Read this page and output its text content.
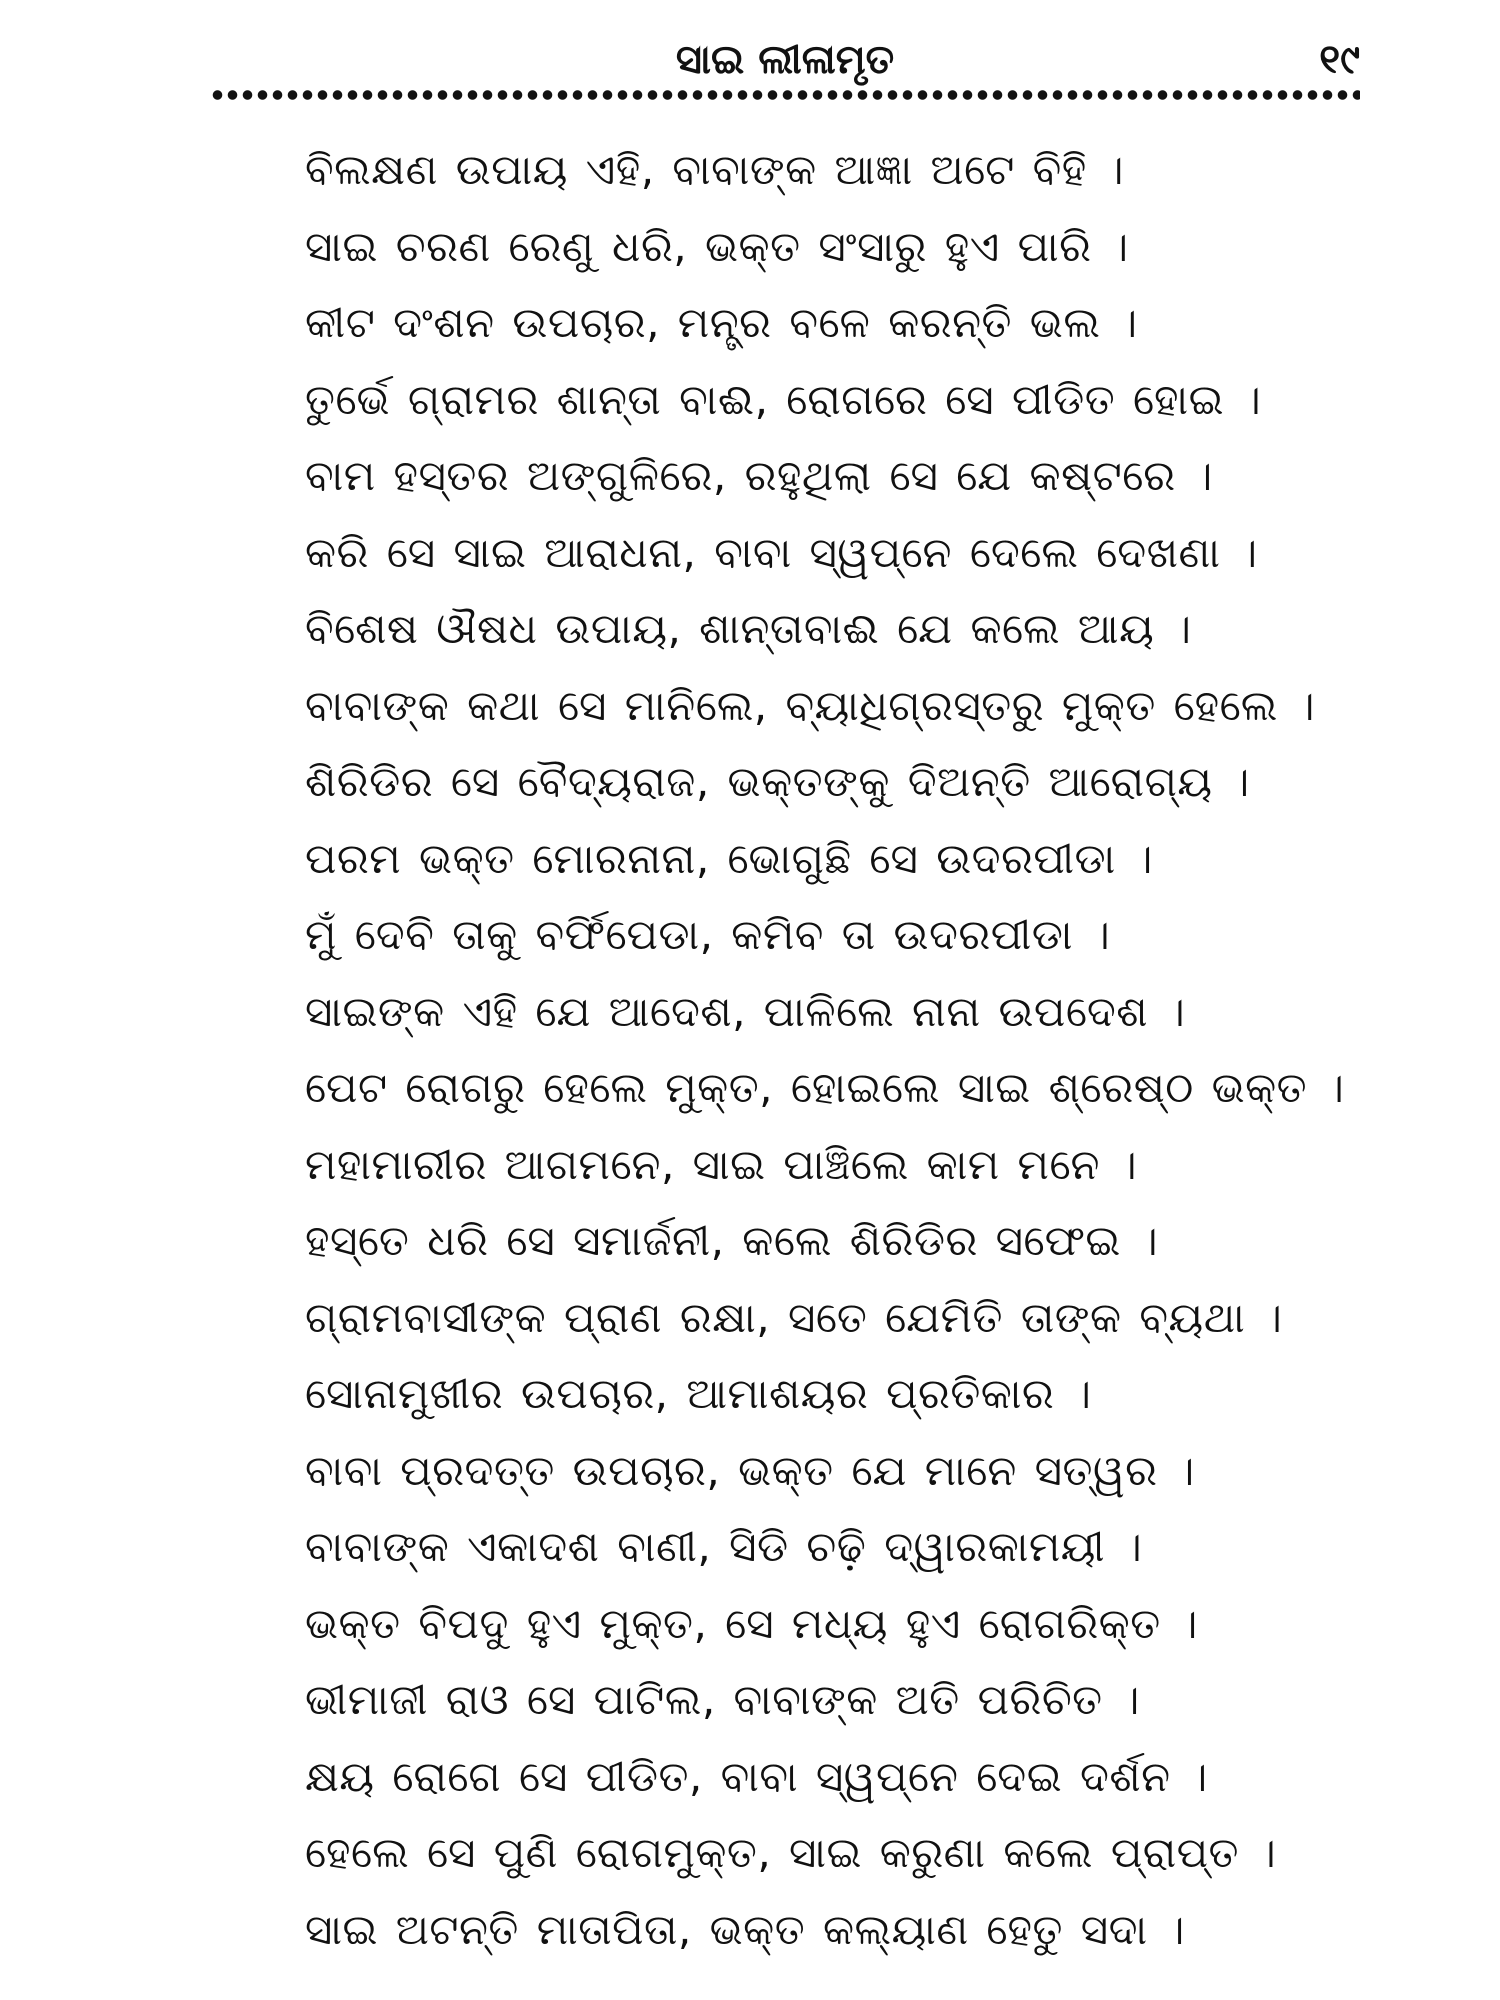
ସାଇ ଲୀଳାମୃତ	୧୯
ବିଲକ୍ଷଣ ଉପାୟ ଏହି, ବାବାଙ୍କ ଆଜ୍ଞା ଅଟେ ବିହି ।
ସାଇ ଚରଣ ରେଣୁ ଧରି, ଭକ୍ତ ସଂସାରୁ ହୁଏ ପାରି ।
କୀଟ ଦଂଶନ ଉପଚାର, ମନ୍ତ୍ର ବଳେ କରନ୍ତି ଭଲ ।
ତୁର୍ଭେ ଗ୍ରାମର ଶାନ୍ତା ବାଈ, ରୋଗରେ ସେ ପୀଡିତ ହୋଇ ।
ବାମ ହସ୍ତର ଅଙ୍ଗୁଳିରେ, ରହୁଥିଲା ସେ ଯେ କଷ୍ଟରେ ।
କରି ସେ ସାଇ ଆରାଧନା, ବାବା ସ୍ୱପ୍ନେ ଦେଲେ ଦେଖଣା ।
ବିଶେଷ ଔଷଧ ଉପାୟ, ଶାନ୍ତାବାଈ ଯେ କଲେ ଆୟ ।
ବାବାଙ୍କ କଥା ସେ ମାନିଲେ, ବ୍ୟାଧିଗ୍ରସ୍ତରୁ ମୁକ୍ତ ହେଲେ ।
ଶିରିଡିର ସେ ବୈଦ୍ୟରାଜ, ଭକ୍ତଙ୍କୁ ଦିଅନ୍ତି ଆରୋଗ୍ୟ ।
ପରମ ଭକ୍ତ ମୋରନାନା, ଭୋଗୁଛି ସେ ଉଦରପୀଡା ।
ମୁଁ ଦେବି ତାକୁ ବର୍ଫିପେଡା, କମିବ ତା ଉଦରପୀଡା ।
ସାଇଙ୍କ ଏହି ଯେ ଆଦେଶ, ପାଳିଲେ ନାନା ଉପଦେଶ ।
ପେଟ ରୋଗରୁ ହେଲେ ମୁକ୍ତ, ହୋଇଲେ ସାଇ ଶ୍ରେଷ୍ଠ ଭକ୍ତ ।
ମହାମାରୀର ଆଗମନେ, ସାଇ ପାଞ୍ଚିଲେ କାମ ମନେ ।
ହସ୍ତେ ଧରି ସେ ସମାର୍ଜନୀ, କଲେ ଶିରିଡିର ସଫେଇ ।
ଗ୍ରାମବାସୀଙ୍କ ପ୍ରାଣ ରକ୍ଷା, ସତେ ଯେମିତି ତାଙ୍କ ବ୍ୟଥା ।
ସୋନାମୁଖୀର ଉପଚାର, ଆମାଶୟର ପ୍ରତିକାର ।
ବାବା ପ୍ରଦତ୍ତ ଉପଚାର, ଭକ୍ତ ଯେ ମାନେ ସତ୍ୱର ।
ବାବାଙ୍କ ଏକାଦଶ ବାଣୀ, ସିଡି ଚଢ଼ି ଦ୍ୱାରକାମୟୀ ।
ଭକ୍ତ ବିପଦୁ ହୁଏ ମୁକ୍ତ, ସେ ମଧ୍ୟ ହୁଏ ରୋଗରିକ୍ତ ।
ଭୀମାଜୀ ରାଓ ସେ ପାଟିଲ, ବାବାଙ୍କ ଅତି ପରିଚିତ ।
କ୍ଷୟ ରୋଗେ ସେ ପୀଡିତ, ବାବା ସ୍ୱପ୍ନେ ଦେଇ ଦର୍ଶନ ।
ହେଲେ ସେ ପୁଣି ରୋଗମୁକ୍ତ, ସାଇ କରୁଣା କଲେ ପ୍ରାପ୍ତ ।
ସାଇ ଅଟନ୍ତି ମାତାପିତା, ଭକ୍ତ କଲ୍ୟାଣ ହେତୁ ସଦା ।
